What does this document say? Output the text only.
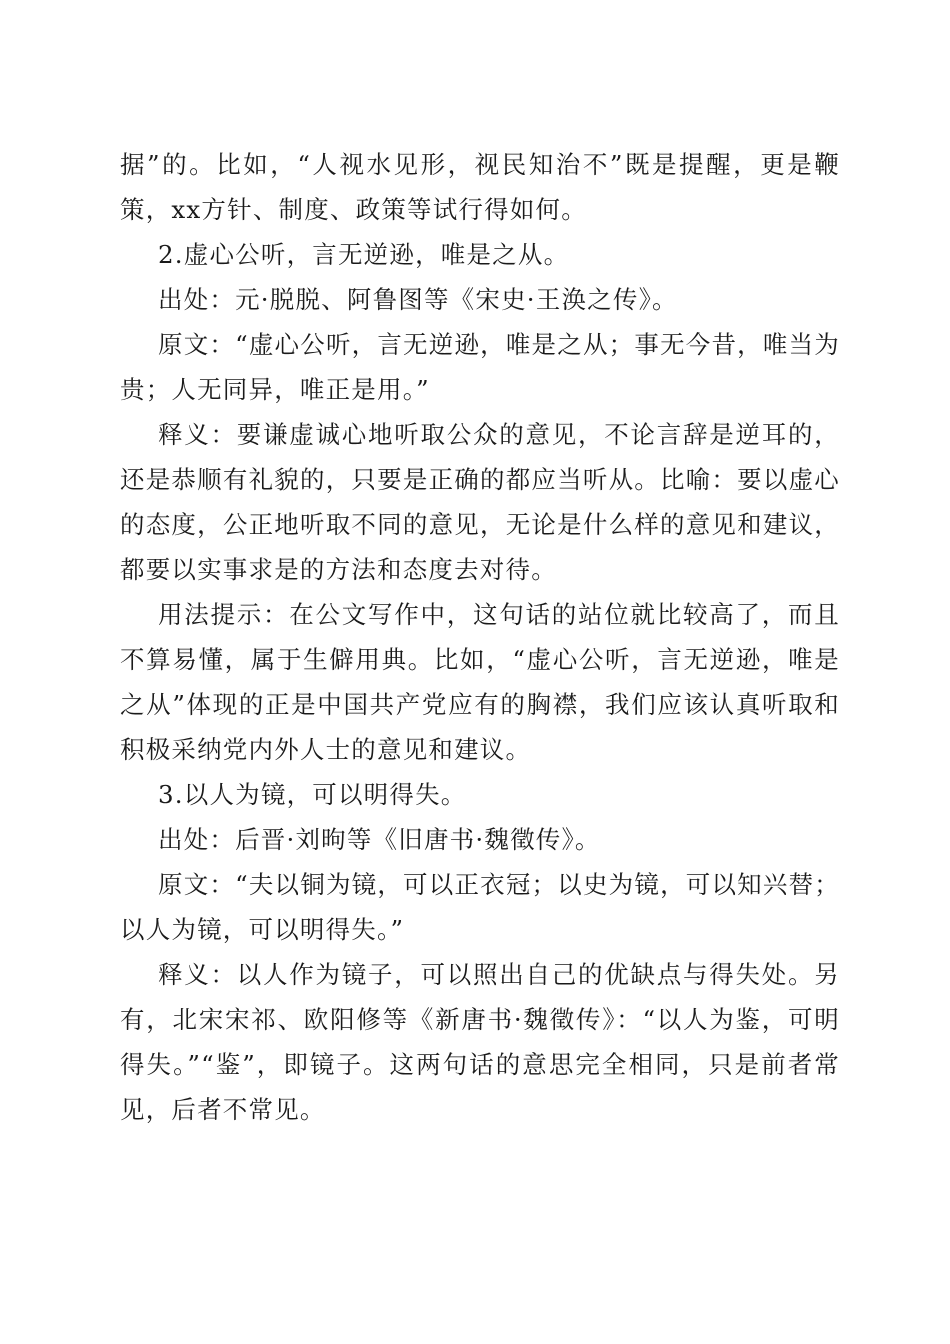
据”的。比如，“人视水见形，视民知治不”既是提醒，更是鞭策，xx方针、制度、政策等试行得如何。

2.虚心公听，言无逆逊，唯是之从。

出处：元·脱脱、阿鲁图等《宋史·王涣之传》。

原文：“虚心公听，言无逆逊，唯是之从；事无今昔，唯当为贵；人无同异，唯正是用。”

释义：要谦虚诚心地听取公众的意见，不论言辞是逆耳的，还是恭顺有礼貌的，只要是正确的都应当听从。比喻：要以虚心的态度，公正地听取不同的意见，无论是什么样的意见和建议，都要以实事求是的方法和态度去对待。

用法提示：在公文写作中，这句话的站位就比较高了，而且不算易懂，属于生僻用典。比如，“虚心公听，言无逆逊，唯是之从”体现的正是中国共产党应有的胸襟，我们应该认真听取和积极采纳党内外人士的意见和建议。

3.以人为镜，可以明得失。

出处：后晋·刘昫等《旧唐书·魏徵传》。

原文：“夫以铜为镜，可以正衣冠；以史为镜，可以知兴替；以人为镜，可以明得失。”

释义：以人作为镜子，可以照出自己的优缺点与得失处。另有，北宋宋祁、欧阳修等《新唐书·魏徵传》：“以人为鉴，可明得失。”“鉴”，即镜子。这两句话的意思完全相同，只是前者常见，后者不常见。
